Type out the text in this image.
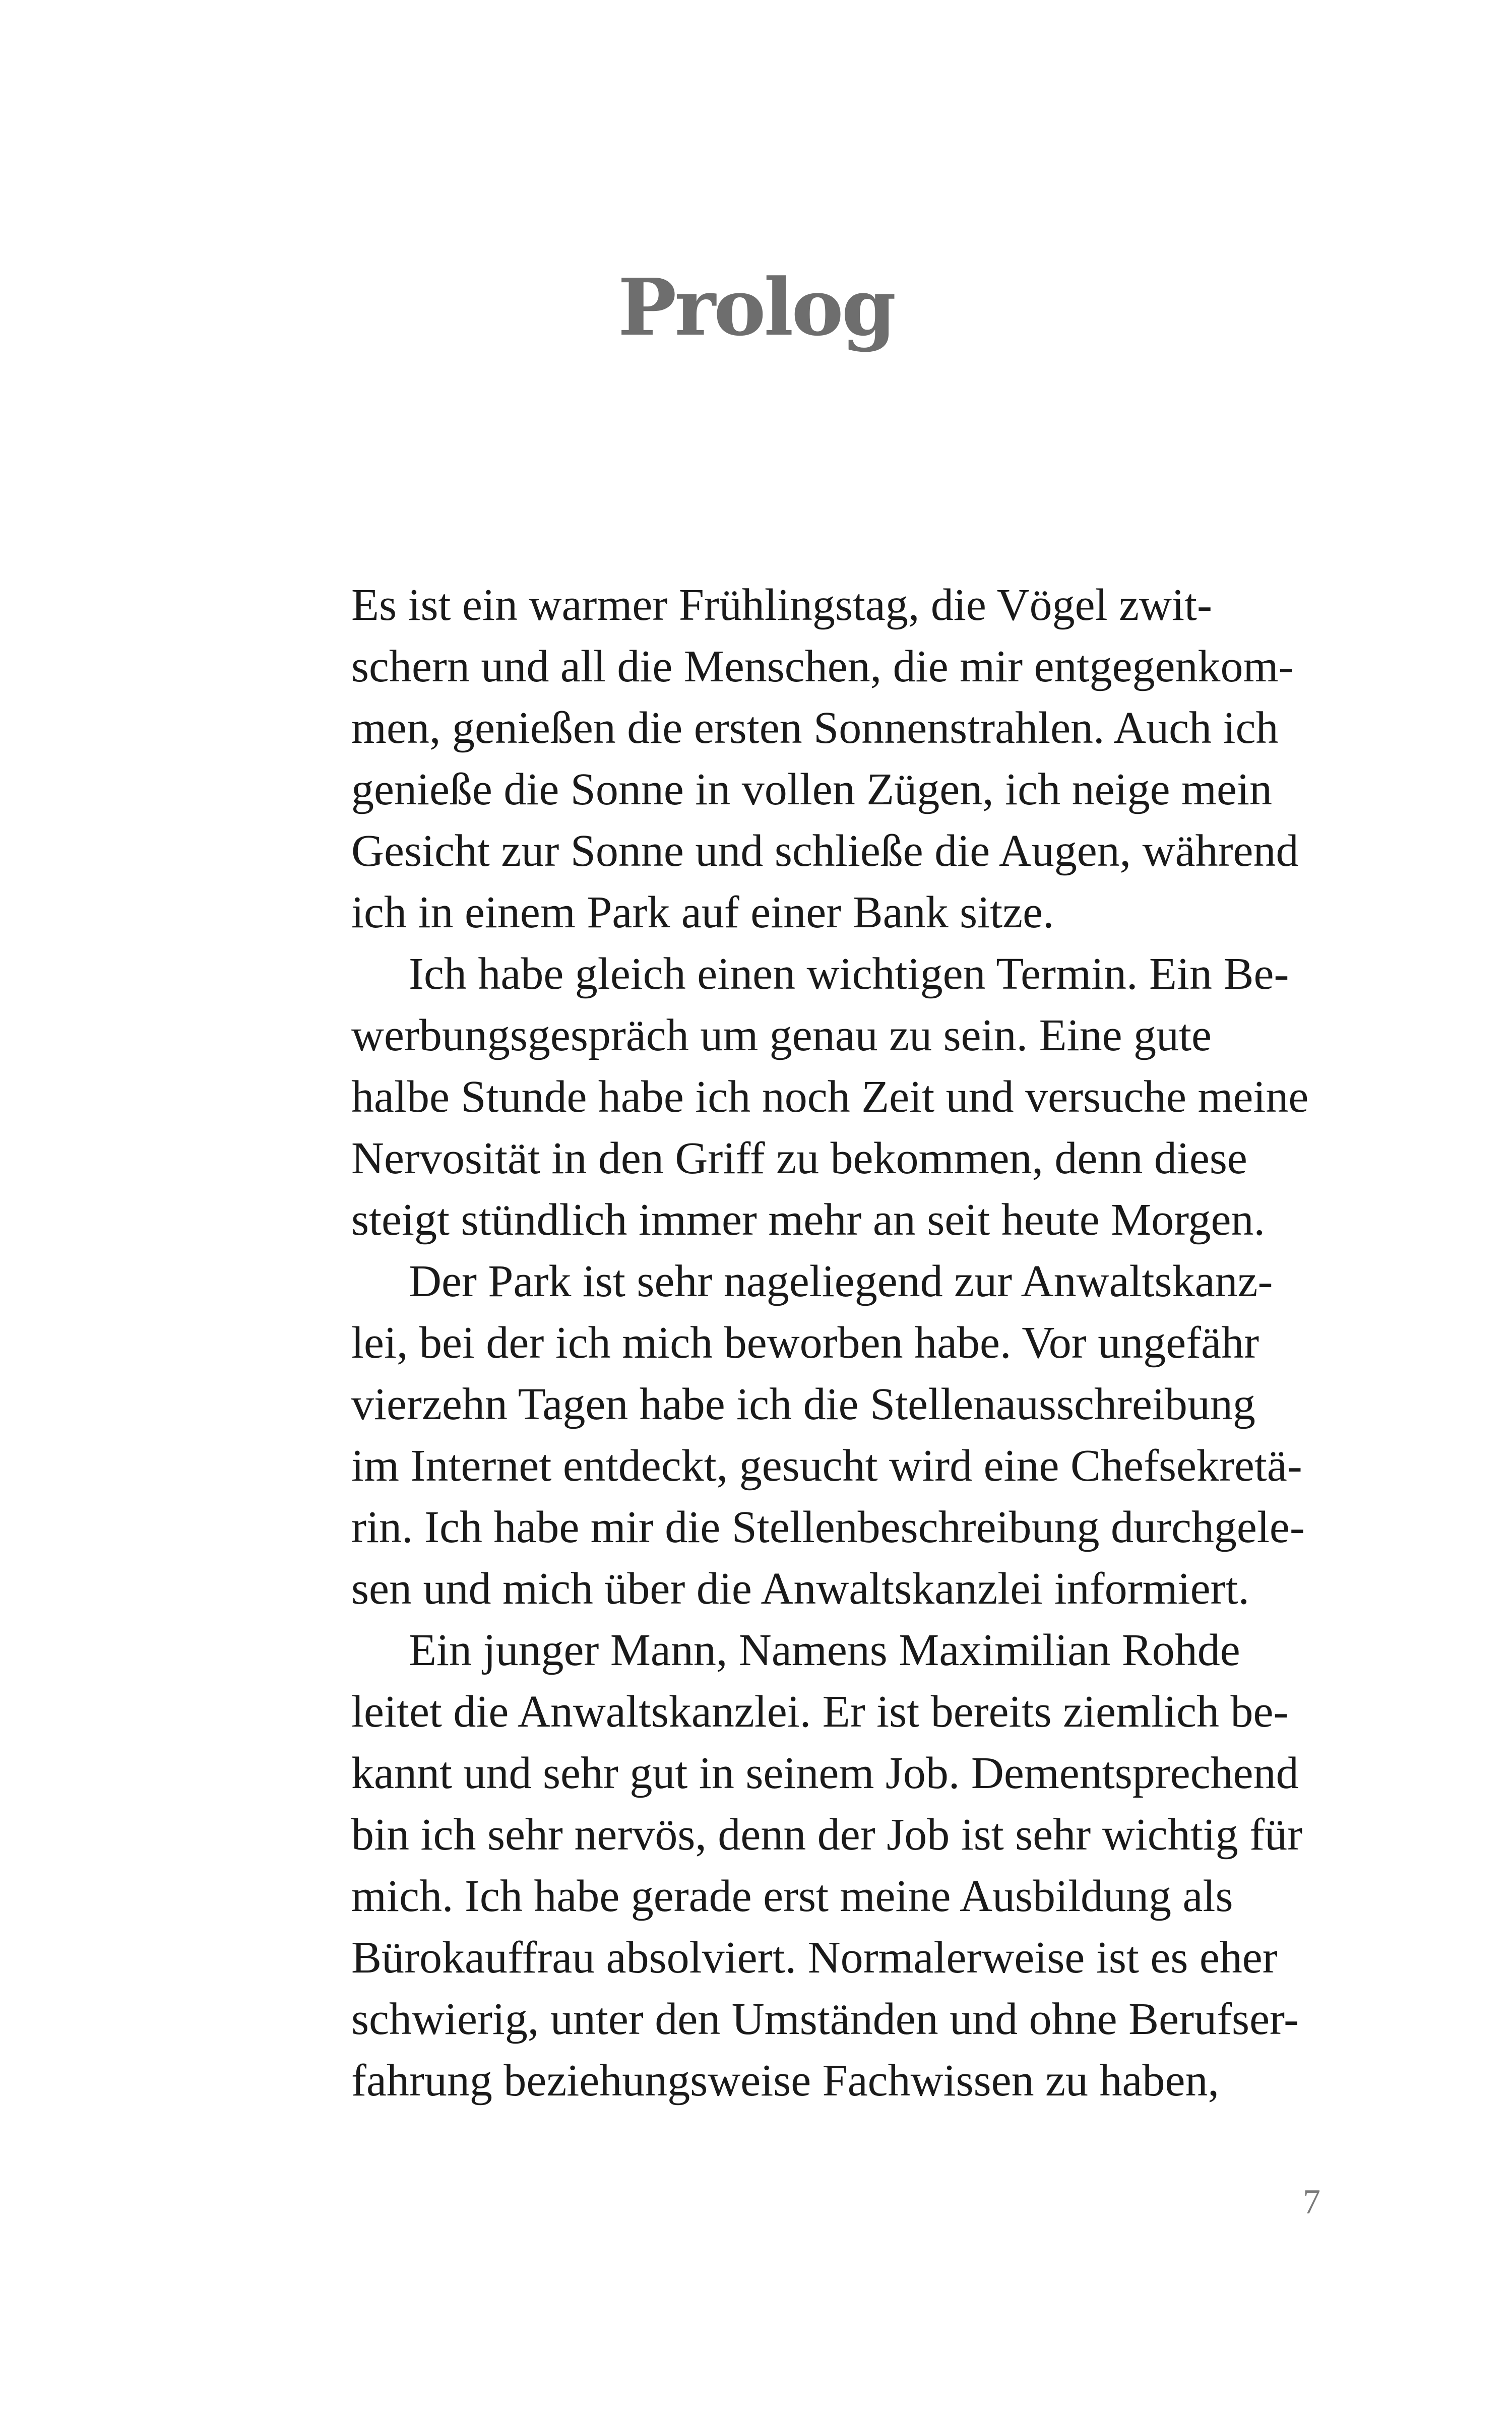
Prolog
Es ist ein warmer Frühlingstag, die Vögel zwit-
schern und all die Menschen, die mir entgegenkom-
men, genießen die ersten Sonnenstrahlen. Auch ich
genieße die Sonne in vollen Zügen, ich neige mein
Gesicht zur Sonne und schließe die Augen, während
ich in einem Park auf einer Bank sitze.
Ich habe gleich einen wichtigen Termin. Ein Be-
werbungsgespräch um genau zu sein. Eine gute
halbe Stunde habe ich noch Zeit und versuche meine
Nervosität in den Griff zu bekommen, denn diese
steigt stündlich immer mehr an seit heute Morgen.
Der Park ist sehr nageliegend zur Anwaltskanz-
lei, bei der ich mich beworben habe. Vor ungefähr
vierzehn Tagen habe ich die Stellenausschreibung
im Internet entdeckt, gesucht wird eine Chefsekretä-
rin. Ich habe mir die Stellenbeschreibung durchgele-
sen und mich über die Anwaltskanzlei informiert.
Ein junger Mann, Namens Maximilian Rohde
leitet die Anwaltskanzlei. Er ist bereits ziemlich be-
kannt und sehr gut in seinem Job. Dementsprechend
bin ich sehr nervös, denn der Job ist sehr wichtig für
mich. Ich habe gerade erst meine Ausbildung als
Bürokauffrau absolviert. Normalerweise ist es eher
schwierig, unter den Umständen und ohne Berufser-
fahrung beziehungsweise Fachwissen zu haben,
7
